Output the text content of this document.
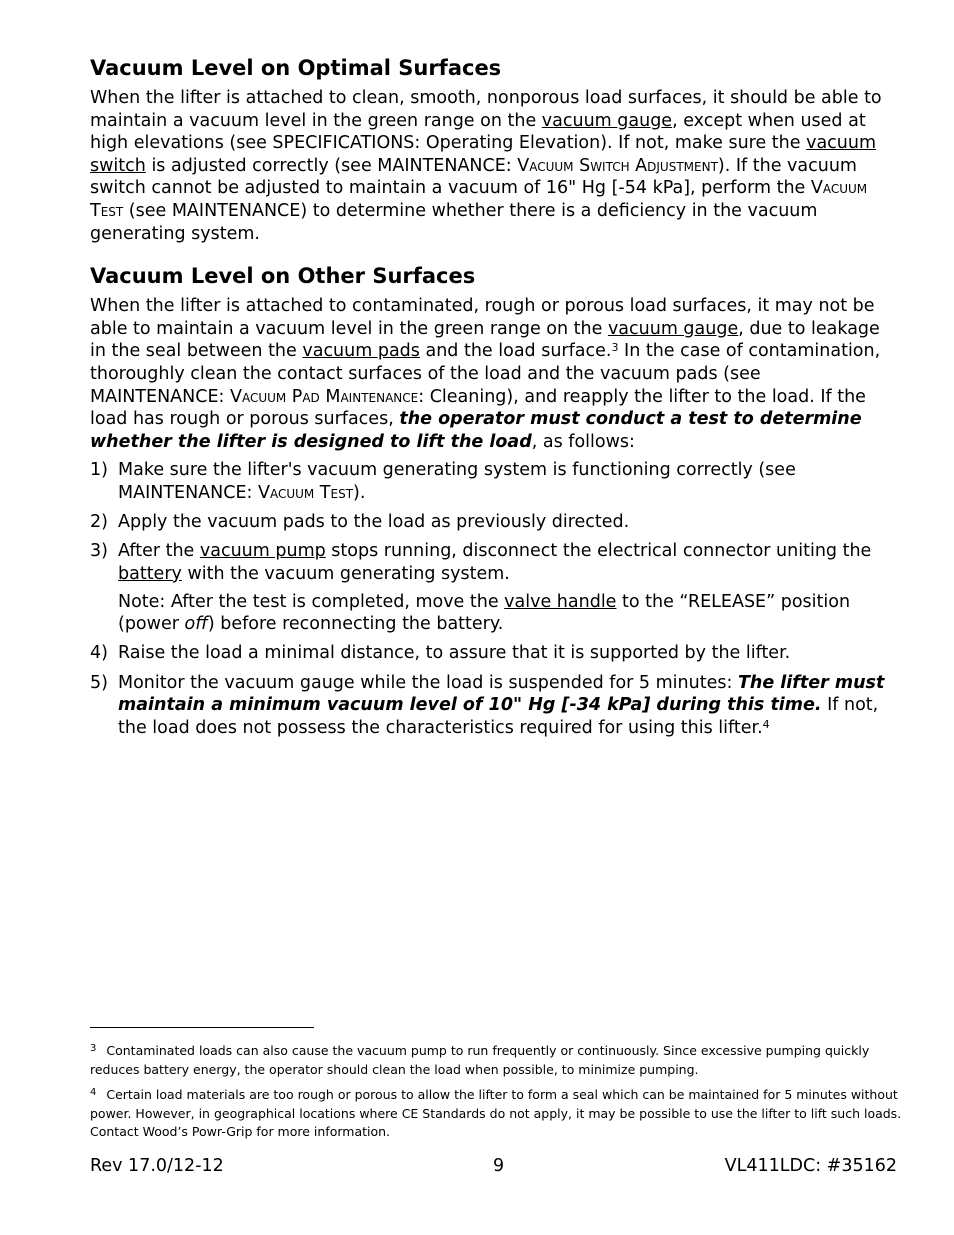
Vacuum Level on Optimal Surfaces

When the lifter is attached to clean, smooth, nonporous load surfaces, it should be able to maintain a vacuum level in the green range on the vacuum gauge, except when used at high elevations (see SPECIFICATIONS: Operating Elevation). If not, make sure the vacuum switch is adjusted correctly (see MAINTENANCE: Vacuum Switch Adjustment). If the vacuum switch cannot be adjusted to maintain a vacuum of 16" Hg [-54 kPa], perform the Vacuum Test (see MAINTENANCE) to determine whether there is a deficiency in the vacuum generating system.

Vacuum Level on Other Surfaces

When the lifter is attached to contaminated, rough or porous load surfaces, it may not be able to maintain a vacuum level in the green range on the vacuum gauge, due to leakage in the seal between the vacuum pads and the load surface.$^3$ In the case of contamination, thoroughly clean the contact surfaces of the load and the vacuum pads (see MAINTENANCE: Vacuum Pad Maintenance: Cleaning), and reapply the lifter to the load. If the load has rough or porous surfaces, the operator must conduct a test to determine whether the lifter is designed to lift the load, as follows:

1) Make sure the lifter's vacuum generating system is functioning correctly (see MAINTENANCE: Vacuum Test).
2) Apply the vacuum pads to the load as previously directed.
3) After the vacuum pump stops running, disconnect the electrical connector uniting the battery with the vacuum generating system.

Note: After the test is completed, move the valve handle to the “RELEASE” position (power off) before reconnecting the battery.

4) Raise the load a minimal distance, to assure that it is supported by the lifter.
5) Monitor the vacuum gauge while the load is suspended for 5 minutes: The lifter must maintain a minimum vacuum level of 10" Hg [-34 kPa] during this time. If not, the load does not possess the characteristics required for using this lifter.$^4$
$^3$ Contaminated loads can also cause the vacuum pump to run frequently or continuously. Since excessive pumping quickly reduces battery energy, the operator should clean the load when possible, to minimize pumping.
$^4$ Certain load materials are too rough or porous to allow the lifter to form a seal which can be maintained for 5 minutes without power. However, in geographical locations where CE Standards do not apply, it may be possible to use the lifter to lift such loads. Contact Wood’s Powr-Grip for more information.
Rev 17.0/12-12	9	VL411LDC: #35162
